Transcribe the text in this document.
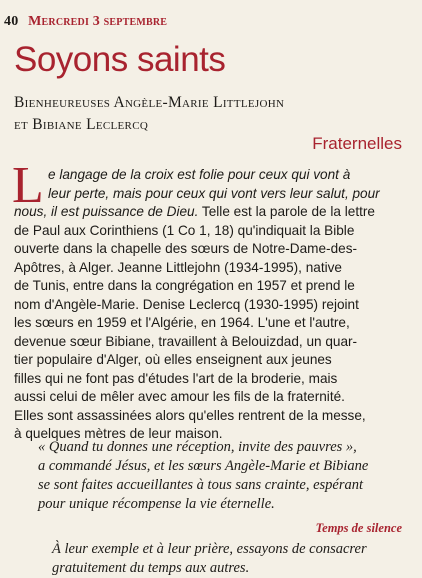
40 Mercredi 3 septembre
Soyons saints
Bienheureuses Angèle-Marie Littlejohn
et Bibiane Leclercq
Fraternelles
L e langage de la croix est folie pour ceux qui vont à
leur perte, mais pour ceux qui vont vers leur salut, pour
nous, il est puissance de Dieu. Telle est la parole de la lettre
de Paul aux Corinthiens (1 Co 1, 18) qu'indiquait la Bible
ouverte dans la chapelle des sœurs de Notre-Dame-des-
Apôtres, à Alger. Jeanne Littlejohn (1934-1995), native
de Tunis, entre dans la congrégation en 1957 et prend le
nom d'Angèle-Marie. Denise Leclercq (1930-1995) rejoint
les sœurs en 1959 et l'Algérie, en 1964. L'une et l'autre,
devenue sœur Bibiane, travaillent à Belouizdad, un quar-
tier populaire d'Alger, où elles enseignent aux jeunes
filles qui ne font pas d'études l'art de la broderie, mais
aussi celui de mêler avec amour les fils de la fraternité.
Elles sont assassinées alors qu'elles rentrent de la messe,
à quelques mètres de leur maison.
« Quand tu donnes une réception, invite des pauvres »,
a commandé Jésus, et les sœurs Angèle-Marie et Bibiane
se sont faites accueillantes à tous sans crainte, espérant
pour unique récompense la vie éternelle.
Temps de silence
À leur exemple et à leur prière, essayons de consacrer
gratuitement du temps aux autres.
